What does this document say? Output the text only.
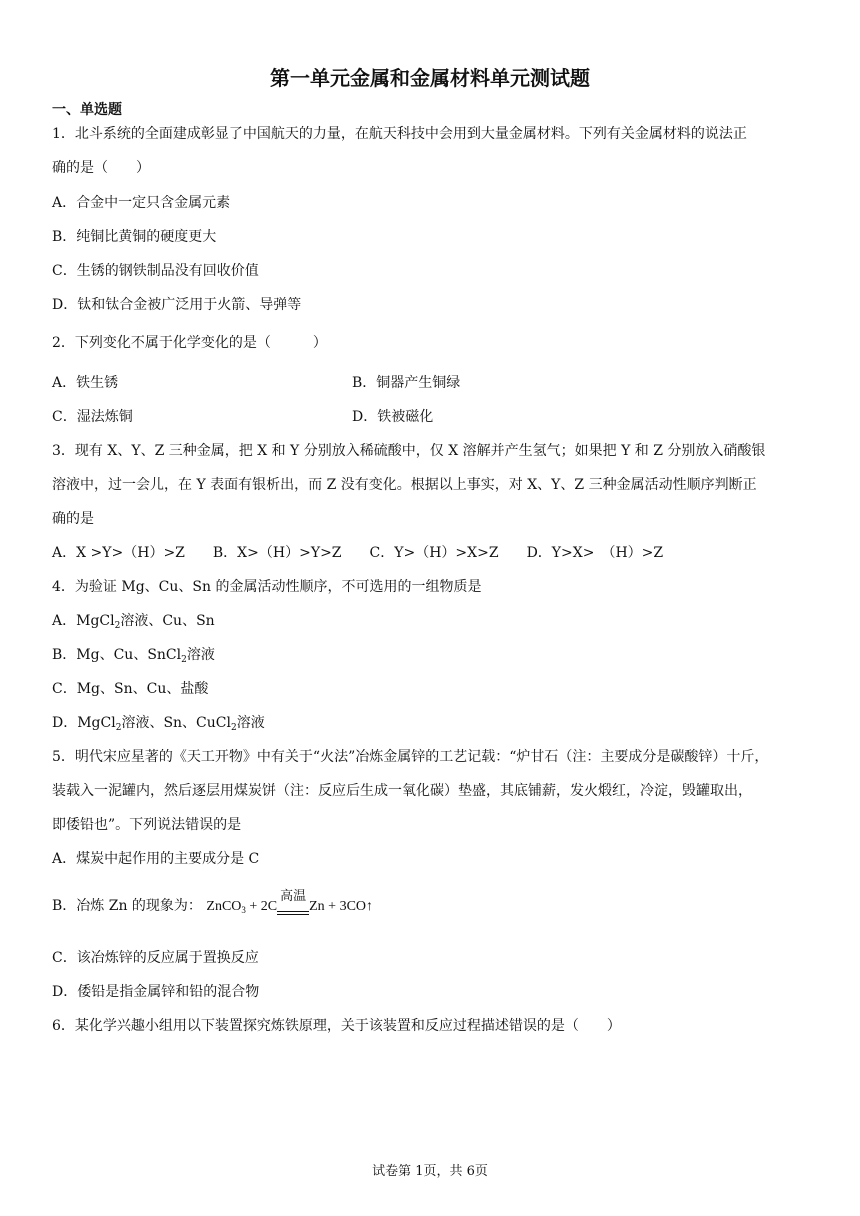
第一单元金属和金属材料单元测试题
一、单选题
1．北斗系统的全面建成彰显了中国航天的力量，在航天科技中会用到大量金属材料。下列有关金属材料的说法正
确的是（　　）
A．合金中一定只含金属元素
B．纯铜比黄铜的硬度更大
C．生锈的钢铁制品没有回收价值
D．钛和钛合金被广泛用于火箭、导弹等
2．下列变化不属于化学变化的是（　　　）
A．铁生锈	B．铜器产生铜绿
C．湿法炼铜	D．铁被磁化
3．现有 X、Y、Z 三种金属，把 X 和 Y 分别放入稀硫酸中，仅 X 溶解并产生氢气；如果把 Y 和 Z 分别放入硝酸银
溶液中，过一会儿，在 Y 表面有银析出，而 Z 没有变化。根据以上事实，对 X、Y、Z 三种金属活动性顺序判断正
确的是
A．X >Y>（H）>Z　　B．X>（H）>Y>Z　　C．Y>（H）>X>Z　　D．Y>X>　（H）>Z
4．为验证 Mg、Cu、Sn 的金属活动性顺序，不可选用的一组物质是
A．MgCl$_2$溶液、Cu、Sn
B．Mg、Cu、SnCl$_2$溶液
C．Mg、Sn、Cu、盐酸
D．MgCl$_2$溶液、Sn、CuCl$_2$溶液
5．明代宋应星著的《天工开物》中有关于“火法”冶炼金属锌的工艺记载：“炉甘石（注：主要成分是碳酸锌）十斤，
装载入一泥罐内，然后逐层用煤炭饼（注：反应后生成一氧化碳）垫盛，其底铺薪，发火煅红，冷淀，毁罐取出，
即倭铅也”。下列说法错误的是
A．煤炭中起作用的主要成分是 C
B．冶炼 Zn 的现象为： ZnCO$_3$ + 2C
高温
Zn + 3CO↑
C．该冶炼锌的反应属于置换反应
D．倭铅是指金属锌和铅的混合物
6．某化学兴趣小组用以下装置探究炼铁原理，关于该装置和反应过程描述错误的是（　　）
试卷第 1页，共 6页
